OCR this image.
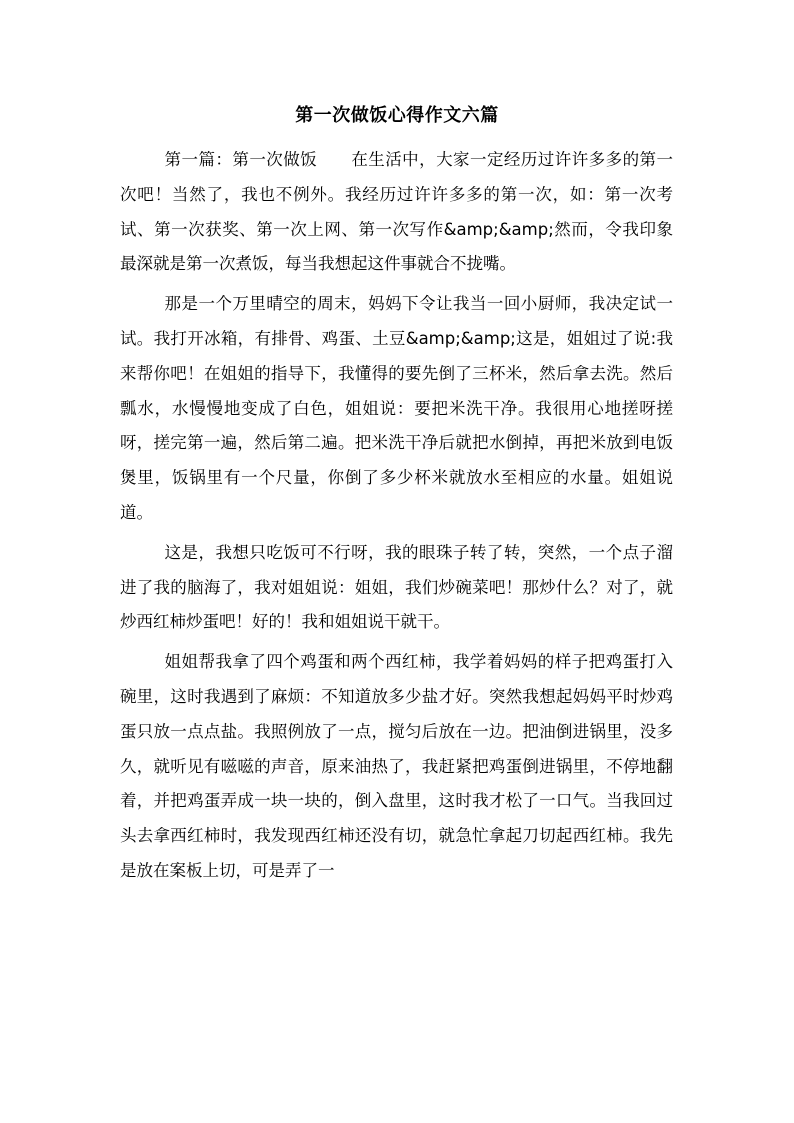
第一次做饭心得作文六篇

第一篇：第一次做饭      在生活中，大家一定经历过许许多多的第一次吧！当然了，我也不例外。我经历过许许多多的第一次，如：第一次考试、第一次获奖、第一次上网、第一次写作&amp;&amp;然而，令我印象最深就是第一次煮饭，每当我想起这件事就合不拢嘴。

那是一个万里晴空的周末，妈妈下令让我当一回小厨师，我决定试一试。我打开冰箱，有排骨、鸡蛋、土豆&amp;&amp;这是，姐姐过了说:我来帮你吧！在姐姐的指导下，我懂得的要先倒了三杯米，然后拿去洗。然后瓢水，水慢慢地变成了白色，姐姐说：要把米洗干净。我很用心地搓呀搓呀，搓完第一遍，然后第二遍。把米洗干净后就把水倒掉，再把米放到电饭煲里，饭锅里有一个尺量，你倒了多少杯米就放水至相应的水量。姐姐说道。

这是，我想只吃饭可不行呀，我的眼珠子转了转，突然，一个点子溜进了我的脑海了，我对姐姐说：姐姐，我们炒碗菜吧！那炒什么？对了，就炒西红柿炒蛋吧！好的！我和姐姐说干就干。

姐姐帮我拿了四个鸡蛋和两个西红柿，我学着妈妈的样子把鸡蛋打入碗里，这时我遇到了麻烦：不知道放多少盐才好。突然我想起妈妈平时炒鸡蛋只放一点点盐。我照例放了一点，搅匀后放在一边。把油倒进锅里，没多久，就听见有嗞嗞的声音，原来油热了，我赶紧把鸡蛋倒进锅里，不停地翻着，并把鸡蛋弄成一块一块的，倒入盘里，这时我才松了一口气。当我回过头去拿西红柿时，我发现西红柿还没有切，就急忙拿起刀切起西红柿。我先是放在案板上切，可是弄了一
